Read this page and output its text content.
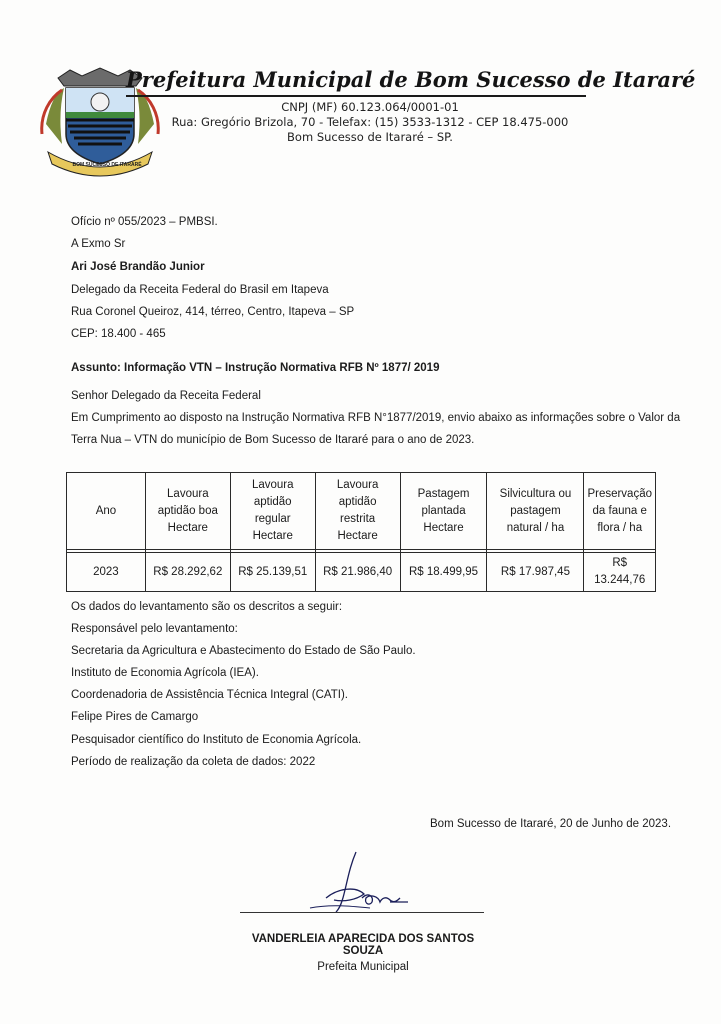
BOM SUCESSO DE ITARARÉ
Prefeitura Municipal de Bom Sucesso de Itararé
CNPJ (MF) 60.123.064/0001-01
Rua: Gregório Brizola, 70 - Telefax: (15) 3533-1312 - CEP 18.475-000
Bom Sucesso de Itararé – SP.
Ofício nº 055/2023 – PMBSI.
A Exmo Sr
Ari José Brandão Junior
Delegado da Receita Federal do Brasil em Itapeva
Rua Coronel Queiroz, 414, térreo, Centro, Itapeva – SP
CEP: 18.400 - 465
Assunto: Informação VTN – Instrução Normativa RFB Nº 1877/ 2019
Senhor Delegado da Receita Federal
Em Cumprimento ao disposto na Instrução Normativa RFB N°1877/2019, envio abaixo as informações sobre o Valor da
Terra Nua – VTN do município de Bom Sucesso de Itararé para o ano de 2023.
Ano	Lavoura
aptidão boa
Hectare	Lavoura
aptidão
regular
Hectare	Lavoura
aptidão
restrita
Hectare	Pastagem
plantada
Hectare	Silvicultura ou
pastagem
natural / ha	Preservação
da fauna e
flora / ha

2023	R$ 28.292,62	R$ 25.139,51	R$ 21.986,40	R$ 18.499,95	R$ 17.987,45	R$ 13.244,76
Os dados do levantamento são os descritos a seguir:
Responsável pelo levantamento:
Secretaria da Agricultura e Abastecimento do Estado de São Paulo.
Instituto de Economia Agrícola (IEA).
Coordenadoria de Assistência Técnica Integral (CATI).
Felipe Pires de Camargo
Pesquisador científico do Instituto de Economia Agrícola.
Período de realização da coleta de dados: 2022
Bom Sucesso de Itararé, 20 de Junho de 2023.
VANDERLEIA APARECIDA DOS SANTOS SOUZA
Prefeita Municipal
